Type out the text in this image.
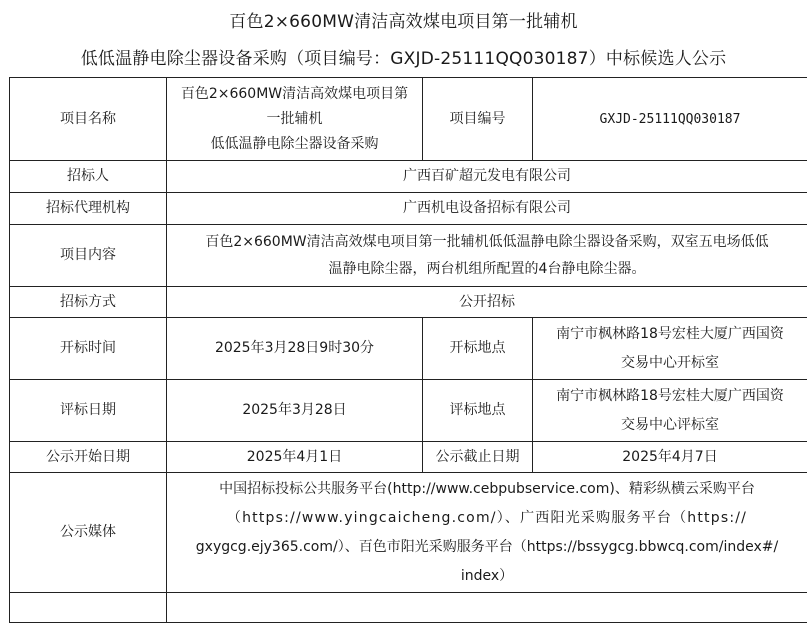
百色2×660MW清洁高效煤电项目第一批辅机
低低温静电除尘器设备采购（项目编号：GXJD-25111QQ030187）中标候选人公示
项目名称	百色2×660MW清洁高效煤电项目第
一批辅机
低低温静电除尘器设备采购	项目编号	GXJD-25111QQ030187
招标人	广西百矿超元发电有限公司		
招标代理机构	广西机电设备招标有限公司		
项目内容	百色2×660MW清洁高效煤电项目第一批辅机低低温静电除尘器设备采购，双室五电场低低
温静电除尘器，两台机组所配置的4台静电除尘器。		

招标方式	公开招标		
开标时间	2025年3月28日9时30分	开标地点	南宁市枫林路18号宏桂大厦广西国资
交易中心开标室

评标日期	2025年3月28日	评标地点	南宁市枫林路18号宏桂大厦广西国资
交易中心评标室

公示开始日期	2025年4月1日	公示截止日期	2025年4月7日
公示媒体	中国招标投标公共服务平台(http://www.cebpubservice.com)、精彩纵横云采购平台
（https://www.yingcaicheng.com/）、广西阳光采购服务平台（https://
gxygcg.ejy365.com/）、百色市阳光采购服务平台（https://bssygcg.bbwcq.com/index#/
index）		
